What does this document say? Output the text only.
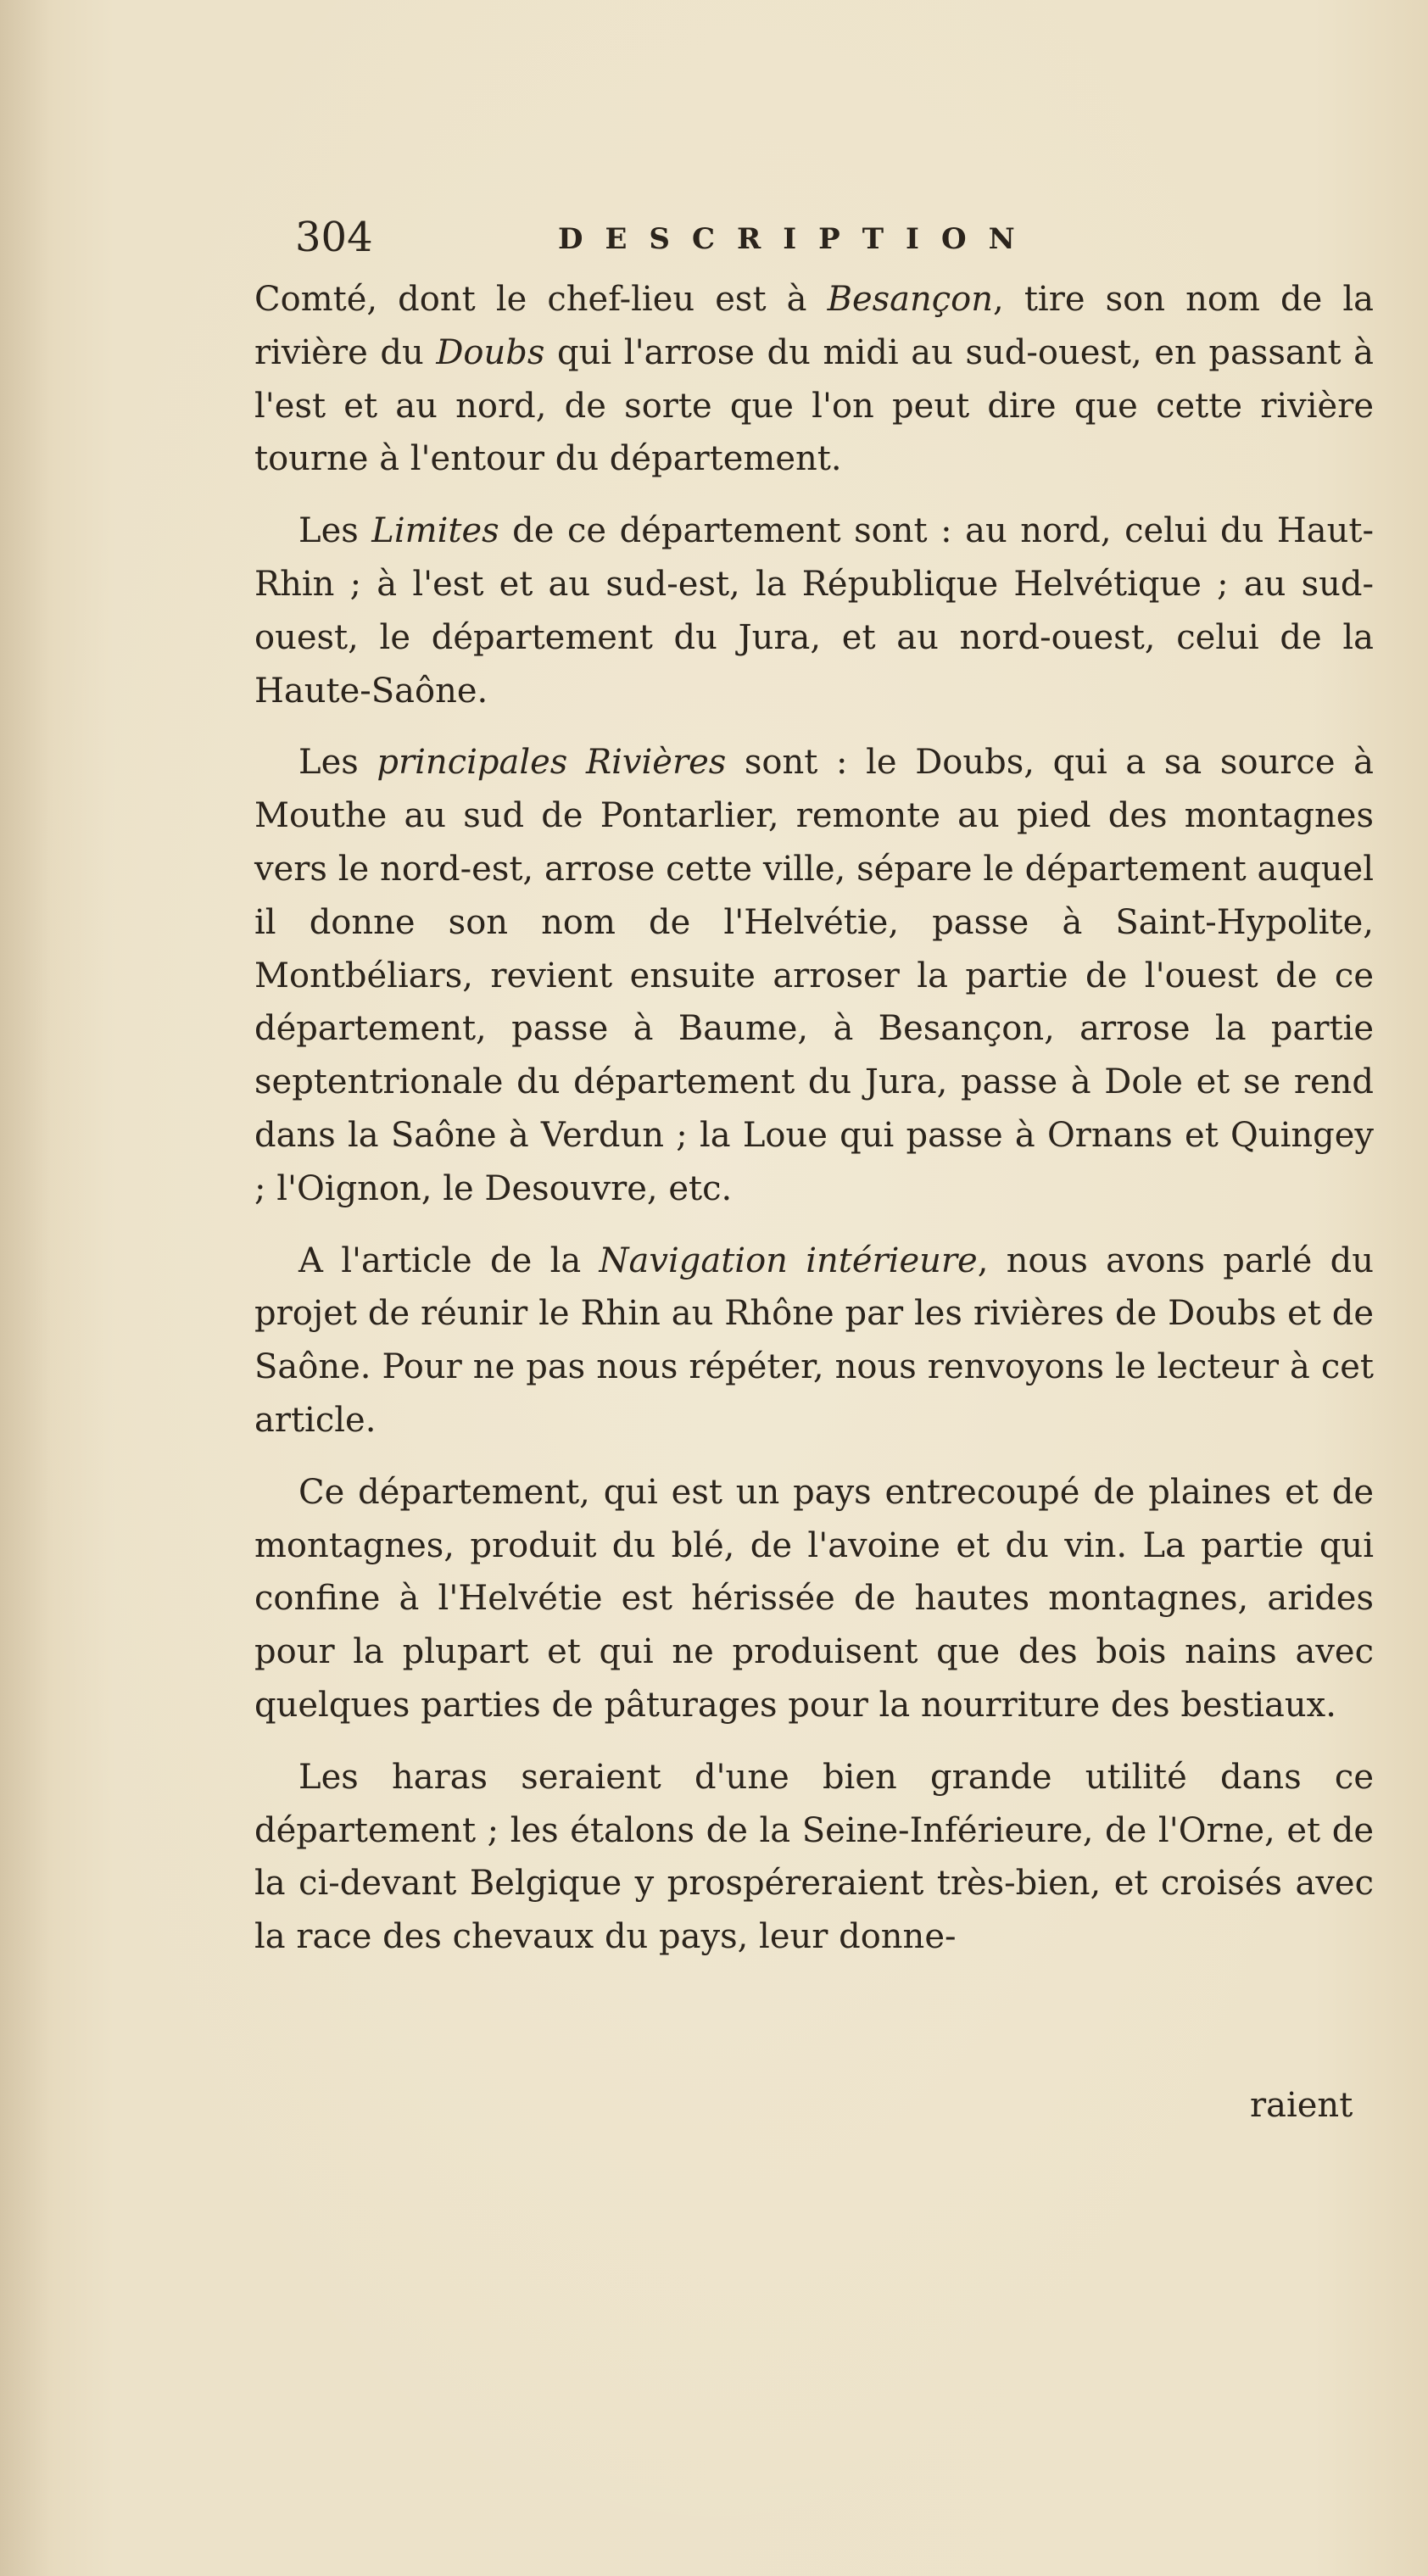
304	DESCRIPTION

Comté, dont le chef-lieu est à Besançon, tire son nom de la rivière du Doubs qui l'arrose du midi au sud-ouest, en passant à l'est et au nord, de sorte que l'on peut dire que cette rivière tourne à l'entour du département.

Les Limites de ce département sont : au nord, celui du Haut-Rhin ; à l'est et au sud-est, la République Helvétique ; au sud-ouest, le département du Jura, et au nord-ouest, celui de la Haute-Saône.

Les principales Rivières sont : le Doubs, qui a sa source à Mouthe au sud de Pontarlier, remonte au pied des montagnes vers le nord-est, arrose cette ville, sépare le département auquel il donne son nom de l'Helvétie, passe à Saint-Hypolite, Montbéliars, revient ensuite arroser la partie de l'ouest de ce département, passe à Baume, à Besançon, arrose la partie septentrionale du département du Jura, passe à Dole et se rend dans la Saône à Verdun ; la Loue qui passe à Ornans et Quingey ; l'Oignon, le Desouvre, etc.

A l'article de la Navigation intérieure, nous avons parlé du projet de réunir le Rhin au Rhône par les rivières de Doubs et de Saône. Pour ne pas nous répéter, nous renvoyons le lecteur à cet article.

Ce département, qui est un pays entrecoupé de plaines et de montagnes, produit du blé, de l'avoine et du vin. La partie qui confine à l'Helvétie est hérissée de hautes montagnes, arides pour la plupart et qui ne produisent que des bois nains avec quelques parties de pâturages pour la nourriture des bestiaux.

Les haras seraient d'une bien grande utilité dans ce département ; les étalons de la Seine-Inférieure, de l'Orne, et de la ci-devant Belgique y prospéreraient très-bien, et croisés avec la race des chevaux du pays, leur donne-

raient
